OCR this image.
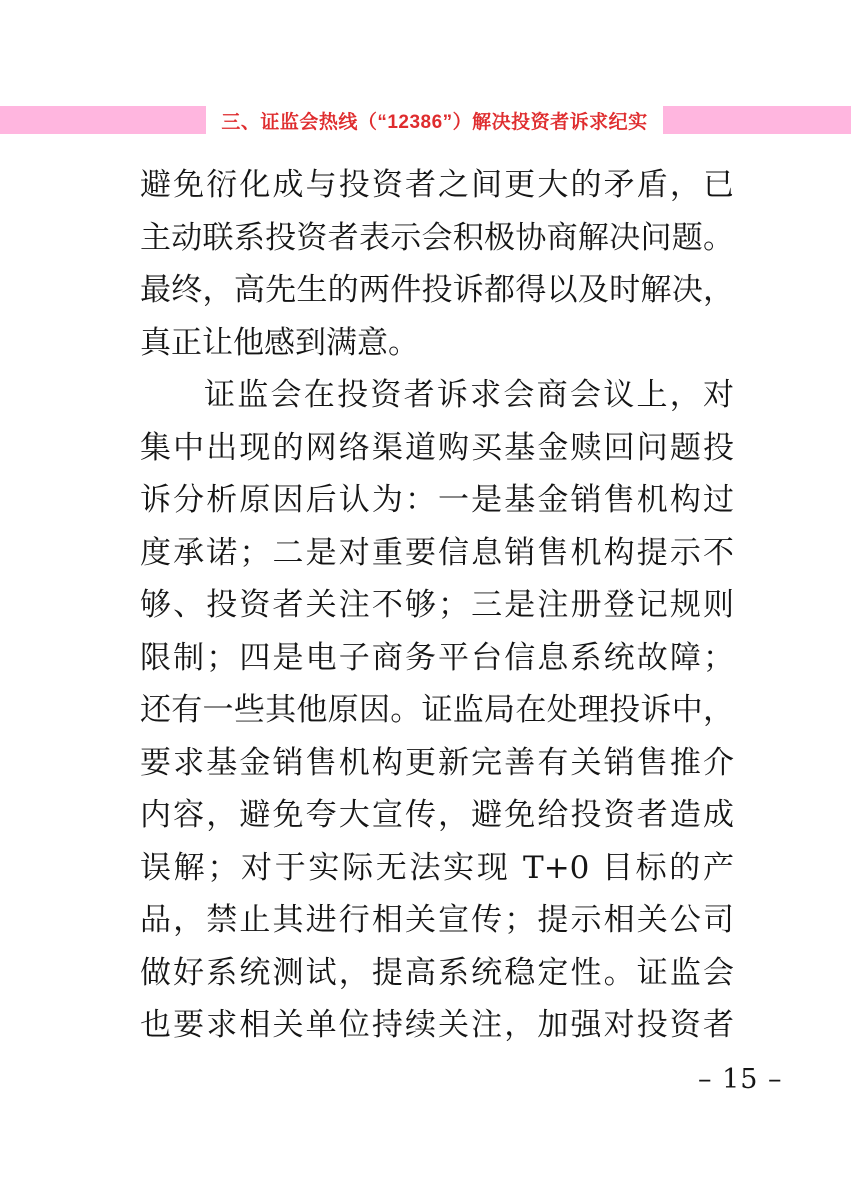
三、证监会热线（“12386”）解决投资者诉求纪实
避免衍化成与投资者之间更大的矛盾，已
主动联系投资者表示会积极协商解决问题。
最终，高先生的两件投诉都得以及时解决，
真正让他感到满意。
证监会在投资者诉求会商会议上，对
集中出现的网络渠道购买基金赎回问题投
诉分析原因后认为：一是基金销售机构过
度承诺；二是对重要信息销售机构提示不
够、投资者关注不够；三是注册登记规则
限制；四是电子商务平台信息系统故障；
还有一些其他原因。证监局在处理投诉中，
要求基金销售机构更新完善有关销售推介
内容，避免夸大宣传，避免给投资者造成
误解；对于实际无法实现 T+0 目标的产
品，禁止其进行相关宣传；提示相关公司
做好系统测试，提高系统稳定性。证监会
也要求相关单位持续关注，加强对投资者
– 15 –
